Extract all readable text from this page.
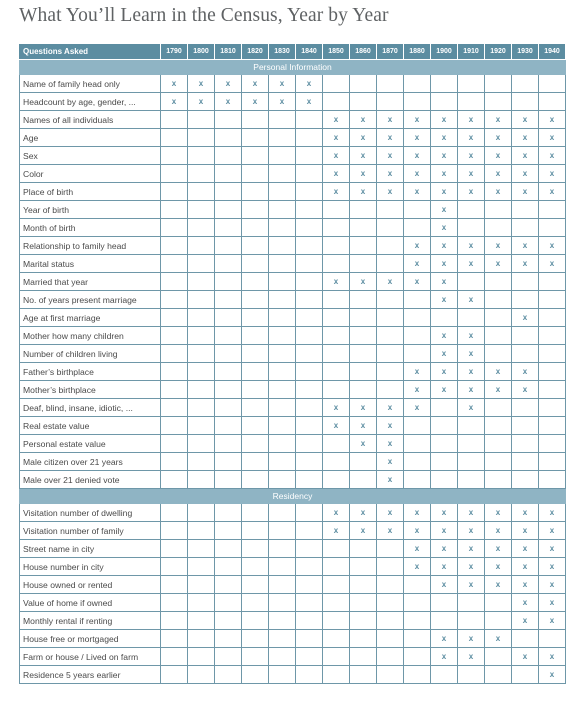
What You’ll Learn in the Census, Year by Year
Questions Asked	1790	1800	1810	1820	1830	1840	1850	1860	1870	1880	1900	1910	1920	1930	1940
Personal Information															
Name of family head only	x	x	x	x	x	x									
Headcount by age, gender, ...	x	x	x	x	x	x									
Names of all individuals							x	x	x	x	x	x	x	x	x
Age							x	x	x	x	x	x	x	x	x
Sex							x	x	x	x	x	x	x	x	x
Color							x	x	x	x	x	x	x	x	x
Place of birth							x	x	x	x	x	x	x	x	x
Year of birth											x				
Month of birth											x				
Relationship to family head										x	x	x	x	x	x
Marital status										x	x	x	x	x	x
Married that year							x	x	x	x	x				
No. of years present marriage											x	x			
Age at first marriage														x	
Mother how many children											x	x			
Number of children living											x	x			
Father’s birthplace										x	x	x	x	x	
Mother’s birthplace										x	x	x	x	x	
Deaf, blind, insane, idiotic, ...							x	x	x	x		x			
Real estate value							x	x	x						
Personal estate value								x	x						
Male citizen over 21 years									x						
Male over 21 denied vote									x						
Residency															
Visitation number of dwelling							x	x	x	x	x	x	x	x	x
Visitation number of family							x	x	x	x	x	x	x	x	x
Street name in city										x	x	x	x	x	x
House number in city										x	x	x	x	x	x
House owned or rented											x	x	x	x	x
Value of home if owned														x	x
Monthly rental if renting														x	x
House free or mortgaged											x	x	x		
Farm or house / Lived on farm											x	x		x	x
Residence 5 years earlier															x
